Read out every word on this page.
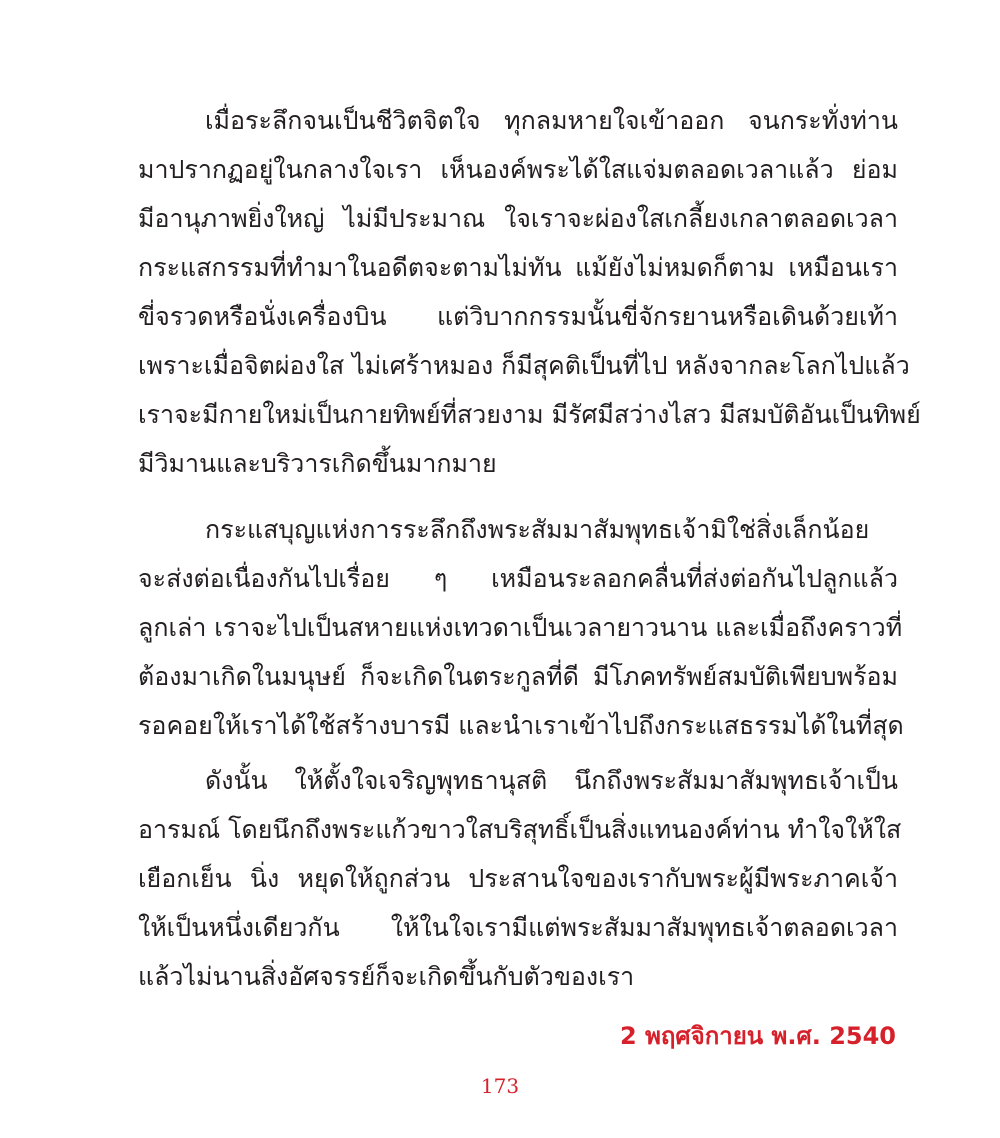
เมื่อระลึกจนเป็นชีวิตจิตใจ ทุกลมหายใจเข้าออก จนกระทั่งท่าน
มาปรากฏอยู่ในกลางใจเรา เห็นองค์พระได้ใสแจ่มตลอดเวลาแล้ว ย่อม
มีอานุภาพยิ่งใหญ่ ไม่มีประมาณ ใจเราจะผ่องใสเกลี้ยงเกลาตลอดเวลา
กระแสกรรมที่ทำมาในอดีตจะตามไม่ทัน แม้ยังไม่หมดก็ตาม เหมือนเรา
ขี่จรวดหรือนั่งเครื่องบิน แต่วิบากกรรมนั้นขี่จักรยานหรือเดินด้วยเท้า
เพราะเมื่อจิตผ่องใส ไม่เศร้าหมอง ก็มีสุคติเป็นที่ไป หลังจากละโลกไปแล้ว
เราจะมีกายใหม่เป็นกายทิพย์ที่สวยงาม มีรัศมีสว่างไสว มีสมบัติอันเป็นทิพย์
มีวิมานและบริวารเกิดขึ้นมากมาย
กระแสบุญแห่งการระลึกถึงพระสัมมาสัมพุทธเจ้ามิใช่สิ่งเล็กน้อย
จะส่งต่อเนื่องกันไปเรื่อย ๆ เหมือนระลอกคลื่นที่ส่งต่อกันไปลูกแล้ว
ลูกเล่า เราจะไปเป็นสหายแห่งเทวดาเป็นเวลายาวนาน และเมื่อถึงคราวที่
ต้องมาเกิดในมนุษย์ ก็จะเกิดในตระกูลที่ดี มีโภคทรัพย์สมบัติเพียบพร้อม
รอคอยให้เราได้ใช้สร้างบารมี และนำเราเข้าไปถึงกระแสธรรมได้ในที่สุด
ดังนั้น ให้ตั้งใจเจริญพุทธานุสติ นึกถึงพระสัมมาสัมพุทธเจ้าเป็น
อารมณ์ โดยนึกถึงพระแก้วขาวใสบริสุทธิ์เป็นสิ่งแทนองค์ท่าน ทำใจให้ใส
เยือกเย็น นิ่ง หยุดให้ถูกส่วน ประสานใจของเรากับพระผู้มีพระภาคเจ้า
ให้เป็นหนึ่งเดียวกัน ให้ในใจเรามีแต่พระสัมมาสัมพุทธเจ้าตลอดเวลา
แล้วไม่นานสิ่งอัศจรรย์ก็จะเกิดขึ้นกับตัวของเรา
2 พฤศจิกายน พ.ศ. 2540
173
